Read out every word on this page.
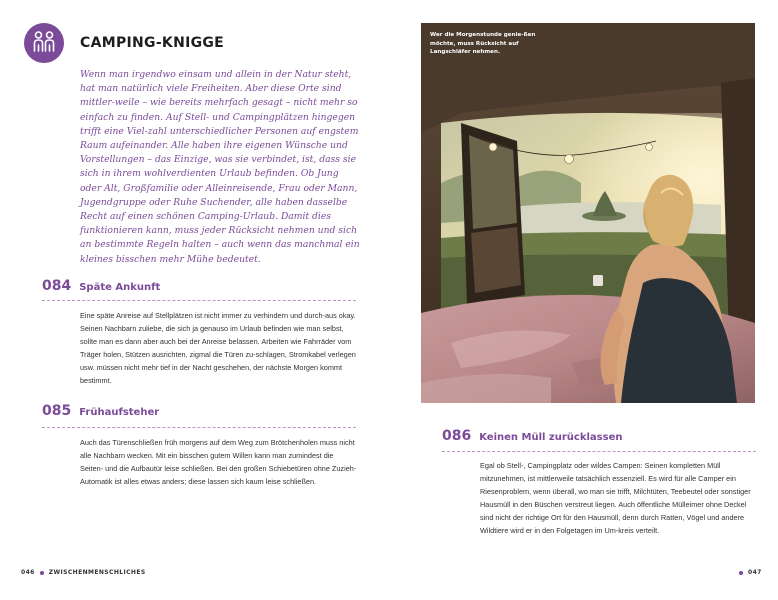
CAMPING-KNIGGE

Wenn man irgendwo einsam und allein in der Natur steht, hat man natürlich viele Freiheiten. Aber diese Orte sind mittler-weile – wie bereits mehrfach gesagt – nicht mehr so einfach zu finden. Auf Stell- und Campingplätzen hingegen trifft eine Viel-zahl unterschiedlicher Personen auf engstem Raum aufeinander. Alle haben ihre eigenen Wünsche und Vorstellungen – das Einzige, was sie verbindet, ist, dass sie sich in ihrem wohlverdienten Urlaub befinden. Ob Jung oder Alt, Großfamilie oder Alleinreisende, Frau oder Mann, Jugendgruppe oder Ruhe Suchender, alle haben dasselbe Recht auf einen schönen Camping-Urlaub. Damit dies funktionieren kann, muss jeder Rücksicht nehmen und sich an bestimmte Regeln halten – auch wenn das manchmal ein kleines bisschen mehr Mühe bedeutet.

084 Späte Ankunft

Eine späte Anreise auf Stellplätzen ist nicht immer zu verhindern und durch-aus okay. Seinen Nachbarn zuliebe, die sich ja genauso im Urlaub befinden wie man selbst, sollte man es dann aber auch bei der Anreise belassen. Arbeiten wie Fahrräder vom Träger holen, Stützen ausrichten, zigmal die Türen zu-schlagen, Stromkabel verlegen usw. müssen nicht mehr tief in der Nacht geschehen, der nächste Morgen kommt bestimmt.

085 Frühaufsteher

Auch das Türenschließen früh morgens auf dem Weg zum Brötchenholen muss nicht alle Nachbarn wecken. Mit ein bisschen gutem Willen kann man zumindest die Seiten- und die Aufbautür leise schließen. Bei den großen Schiebetüren ohne Zuzieh-Automatik ist alles etwas anders; diese lassen sich kaum leise schließen.

046 ZWISCHENMENSCHLICHES

Wer die Morgenstunde genie-ßen möchte, muss Rücksicht auf Langschläfer nehmen.

086 Keinen Müll zurücklassen

Egal ob Stell-, Campingplatz oder wildes Campen: Seinen kompletten Müll mitzunehmen, ist mittlerweile tatsächlich essenziell. Es wird für alle Camper ein Riesenproblem, wenn überall, wo man sie trifft, Milchtüten, Teebeutel oder sonstiger Hausmüll in den Büschen verstreut liegen. Auch öffentliche Mülleimer ohne Deckel sind nicht der richtige Ort für den Hausmüll, denn durch Ratten, Vögel und andere Wildtiere wird er in den Folgetagen im Um-kreis verteilt.

047
